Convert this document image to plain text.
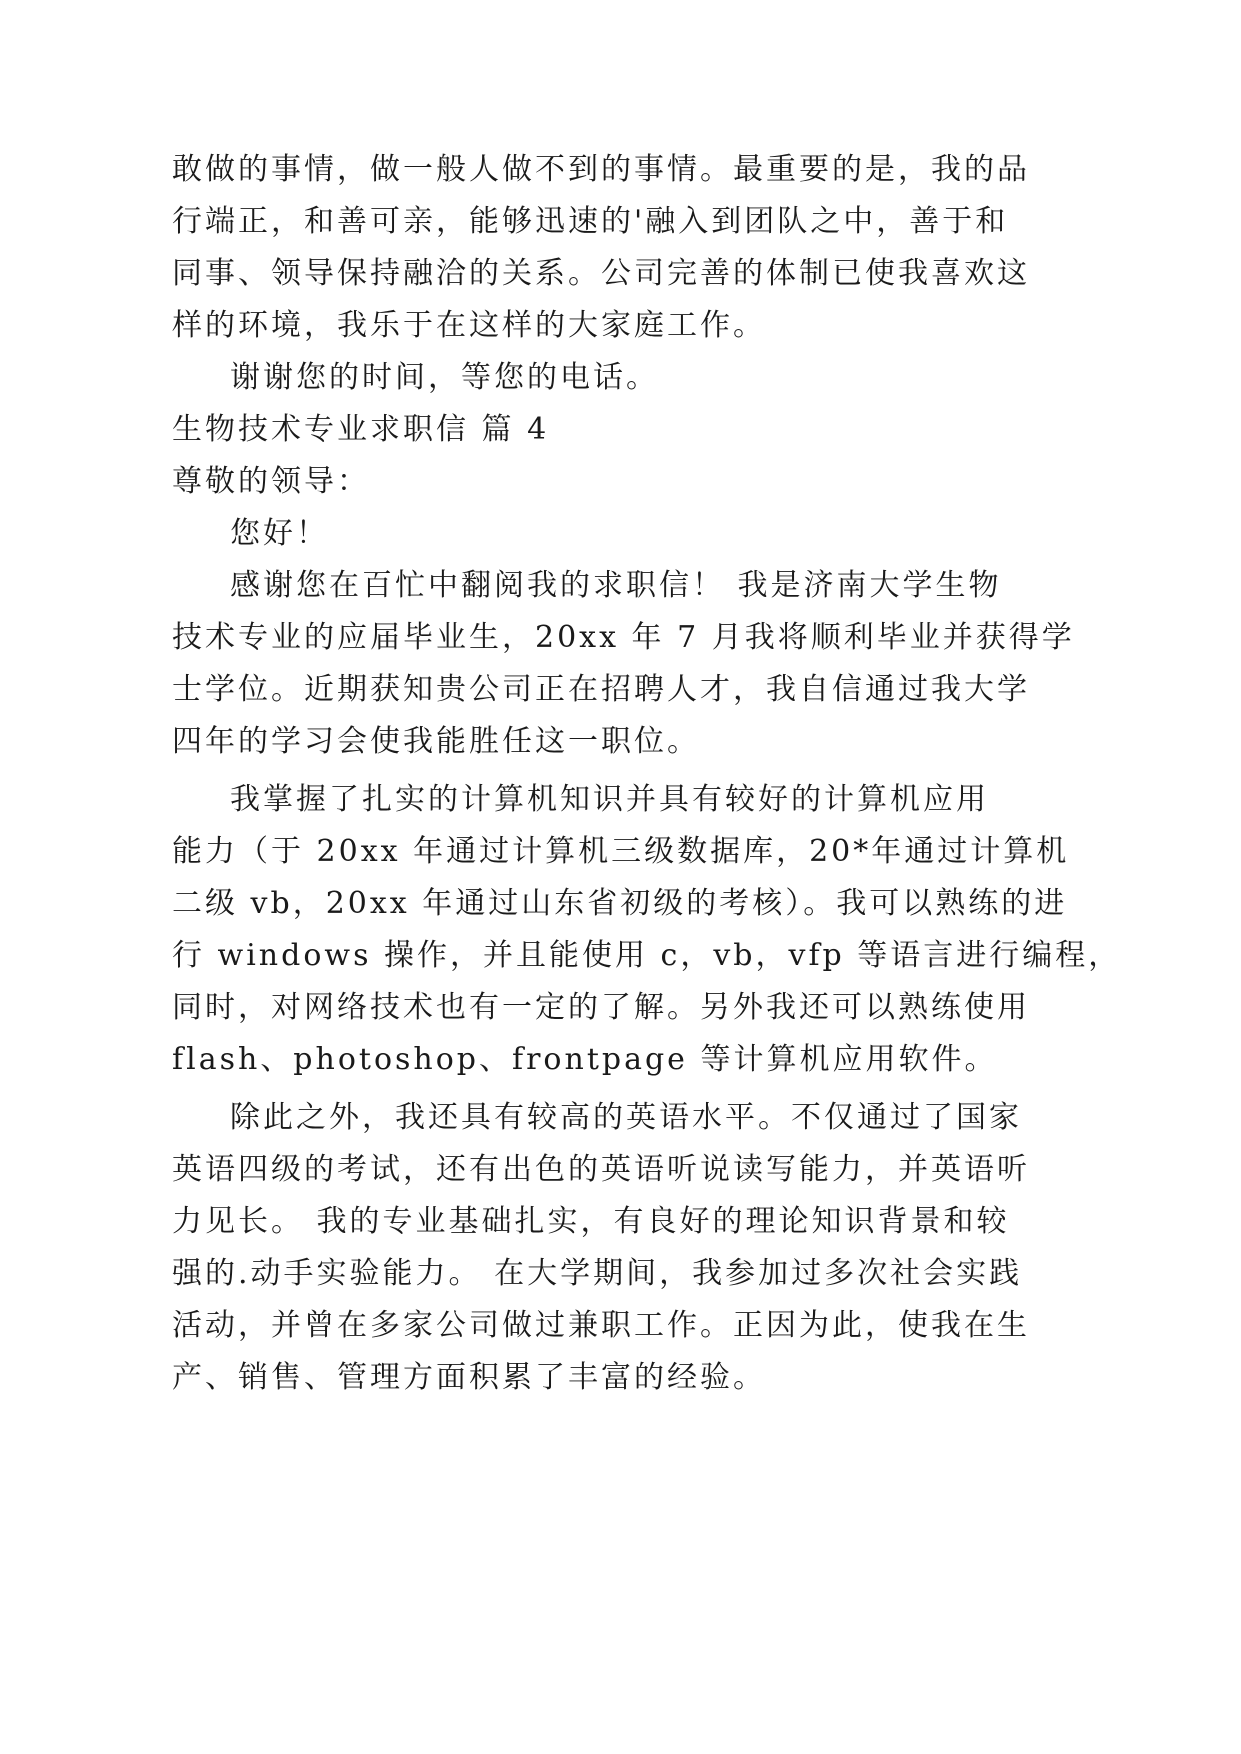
敢做的事情，做一般人做不到的事情。最重要的是，我的品
行端正，和善可亲，能够迅速的'融入到团队之中，善于和
同事、领导保持融洽的关系。公司完善的体制已使我喜欢这
样的环境，我乐于在这样的大家庭工作。
谢谢您的时间，等您的电话。
生物技术专业求职信 篇 4
尊敬的领导：
您好！
感谢您在百忙中翻阅我的求职信！ 我是济南大学生物
技术专业的应届毕业生，20xx 年 7 月我将顺利毕业并获得学
士学位。近期获知贵公司正在招聘人才，我自信通过我大学
四年的学习会使我能胜任这一职位。
我掌握了扎实的计算机知识并具有较好的计算机应用
能力（于 20xx 年通过计算机三级数据库，20*年通过计算机
二级 vb，20xx 年通过山东省初级的考核）。我可以熟练的进
行 windows 操作，并且能使用 c，vb，vfp 等语言进行编程，
同时，对网络技术也有一定的了解。另外我还可以熟练使用
flash、photoshop、frontpage 等计算机应用软件。
除此之外，我还具有较高的英语水平。不仅通过了国家
英语四级的考试，还有出色的英语听说读写能力，并英语听
力见长。 我的专业基础扎实，有良好的理论知识背景和较
强的.动手实验能力。 在大学期间，我参加过多次社会实践
活动，并曾在多家公司做过兼职工作。正因为此，使我在生
产、销售、管理方面积累了丰富的经验。
